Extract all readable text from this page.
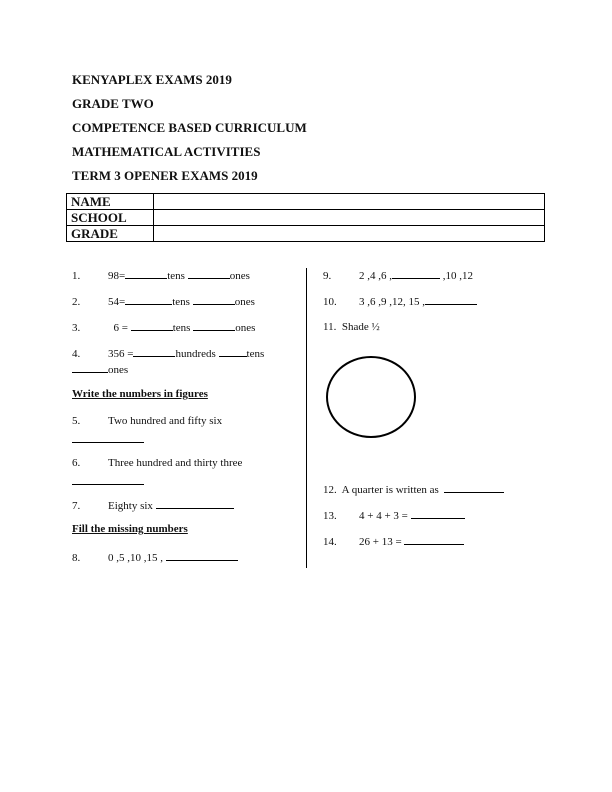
KENYAPLEX EXAMS 2019
GRADE TWO
COMPETENCE BASED CURRICULUM
MATHEMATICAL ACTIVITIES
TERM 3 OPENER EXAMS 2019
NAME	
SCHOOL	
GRADE	
1.	98=	tens	ones
2.	54=	tens	ones
3.	6 =	tens	ones
4.	356 =	hundreds	tens
ones
Write the numbers in figures
5.	Two hundred and fifty six
6.	Three hundred and thirty three
7.	Eighty six
Fill the missing numbers
8.	0 ,5 ,10 ,15 ,
9.	2 ,4 ,6 ,	,10 ,12
10. 3 ,6 ,9 ,12, 15 ,
11. Shade ½
12. A quarter is written as
13. 4 + 4 + 3 =
14. 26 + 13 =
